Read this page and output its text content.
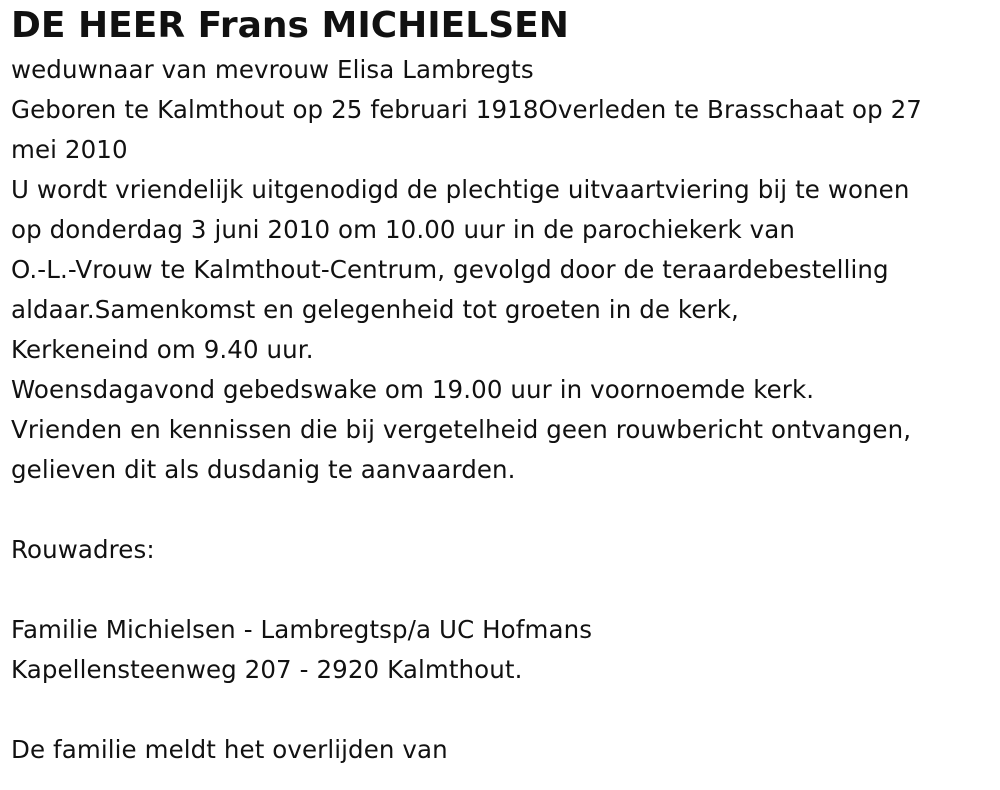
DE HEER Frans MICHIELSEN
weduwnaar van mevrouw Elisa Lambregts
Geboren te Kalmthout op 25 februari 1918Overleden te Brasschaat op 27
mei 2010
U wordt vriendelijk uitgenodigd de plechtige uitvaartviering bij te wonen
op donderdag 3 juni 2010 om 10.00 uur in de parochiekerk van
O.-L.-Vrouw te Kalmthout-Centrum, gevolgd door de teraardebestelling
aldaar.Samenkomst en gelegenheid tot groeten in de kerk,
Kerkeneind om 9.40 uur.
Woensdagavond gebedswake om 19.00 uur in voornoemde kerk.
Vrienden en kennissen die bij vergetelheid geen rouwbericht ontvangen,
gelieven dit als dusdanig te aanvaarden.
Rouwadres:
Familie Michielsen - Lambregtsp/a UC Hofmans
Kapellensteenweg 207 - 2920 Kalmthout.
De familie meldt het overlijden van
